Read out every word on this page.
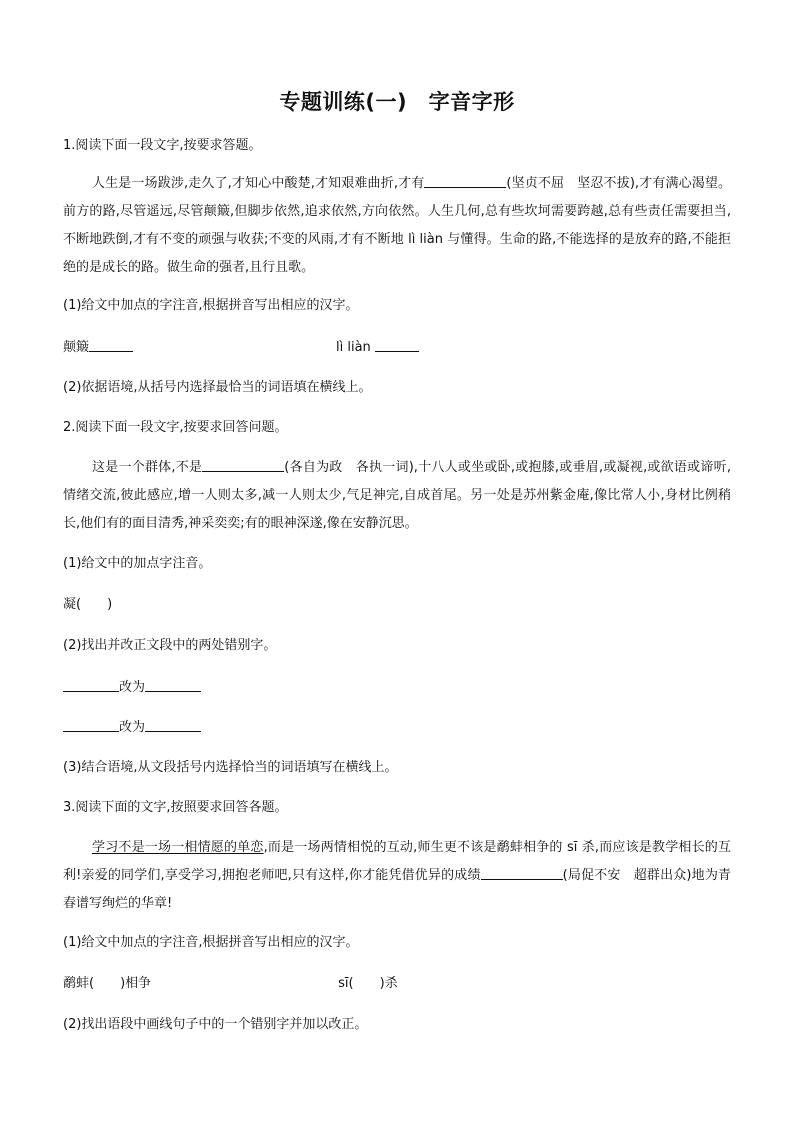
专题训练(一)　字音字形
1.阅读下面一段文字,按要求答题。
人生是一场跋涉,走久了,才知心中酸楚,才知艰难曲折,才有	(坚贞不屈　坚忍不拔),才有满心渴望。前方的路,尽管遥远,尽管颠簸,但脚步依然,追求依然,方向依然。人生几何,总有些坎坷需要跨越,总有些责任需要担当,不断地跌倒,才有不变的顽强与收获;不变的风雨,才有不断地 lì liàn 与懂得。生命的路,不能选择的是放弃的路,不能拒绝的是成长的路。做生命的强者,且行且歌。
(1)给文中加点的字注音,根据拼音写出相应的汉字。
颠簸	lì liàn
(2)依据语境,从括号内选择最恰当的词语填在横线上。
2.阅读下面一段文字,按要求回答问题。
这是一个群体,不是	(各自为政　各执一词),十八人或坐或卧,或抱膝,或垂眉,或凝视,或欲语或谛听,情绪交流,彼此感应,增一人则太多,减一人则太少,气足神完,自成首尾。另一处是苏州紫金庵,像比常人小,身材比例稍长,他们有的面目清秀,神采奕奕;有的眼神深遂,像在安静沉思。
(1)给文中的加点字注音。
凝(　　)
(2)找出并改正文段中的两处错别字。
改为
改为
(3)结合语境,从文段括号内选择恰当的词语填写在横线上。
3.阅读下面的文字,按照要求回答各题。
学习不是一场一相情愿的单恋,而是一场两情相悦的互动,师生更不该是鹬蚌相争的 sī 杀,而应该是教学相长的互利!亲爱的同学们,享受学习,拥抱老师吧,只有这样,你才能凭借优异的成绩	(局促不安　超群出众)地为青春谱写绚烂的华章!
(1)给文中加点的字注音,根据拼音写出相应的汉字。
鹬蚌(　　)相争	sī(　　)杀
(2)找出语段中画线句子中的一个错别字并加以改正。
